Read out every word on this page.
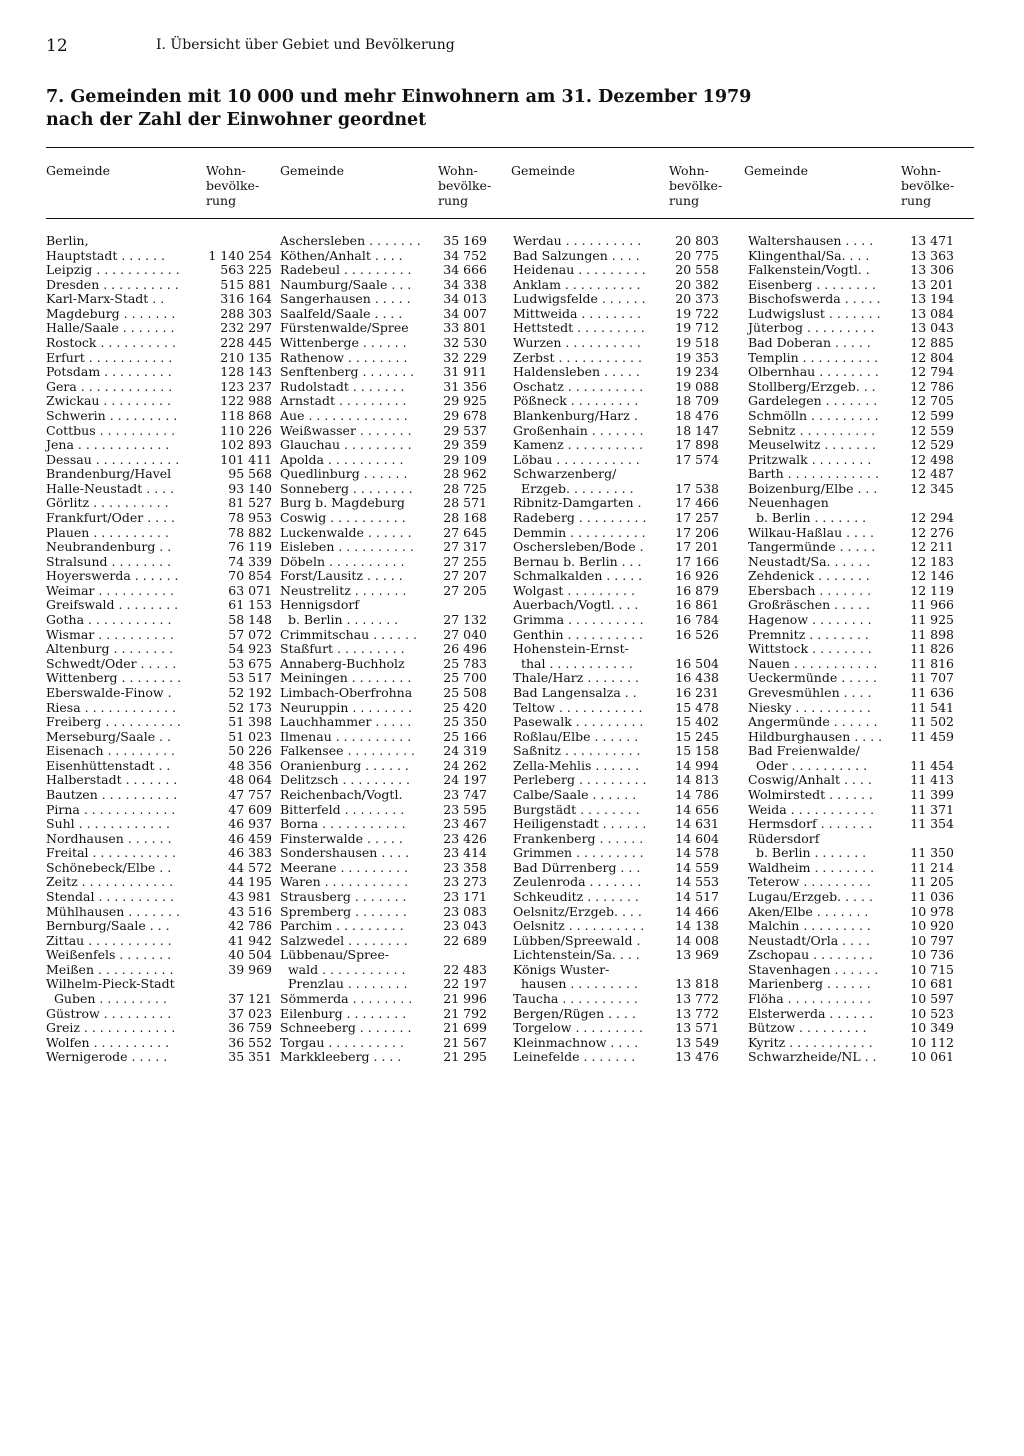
12	I. Übersicht über Gebiet und Bevölkerung
7. Gemeinden mit 10 000 und mehr Einwohnern am 31. Dezember 1979
nach der Zahl der Einwohner geordnet
Gemeinde	Wohn-
bevölke-
rung
Gemeinde	Wohn-
bevölke-
rung
Gemeinde	Wohn-
bevölke-
rung
Gemeinde	Wohn-
bevölke-
rung
Berlin,
Hauptstadt . . . . . .	1 140 254
Leipzig . . . . . . . . . . .	563 225
Dresden . . . . . . . . . .	515 881
Karl-Marx-Stadt . .	316 164
Magdeburg . . . . . . .	288 303
Halle/Saale . . . . . . .	232 297
Rostock . . . . . . . . . .	228 445
Erfurt . . . . . . . . . . .	210 135
Potsdam . . . . . . . . .	128 143
Gera . . . . . . . . . . . .	123 237
Zwickau . . . . . . . . .	122 988
Schwerin . . . . . . . . .	118 868
Cottbus . . . . . . . . . .	110 226
Jena . . . . . . . . . . . .	102 893
Dessau . . . . . . . . . . .	101 411
Brandenburg/Havel	95 568
Halle-Neustadt . . . .	93 140
Görlitz . . . . . . . . . .	81 527
Frankfurt/Oder . . . .	78 953
Plauen . . . . . . . . . .	78 882
Neubrandenburg . .	76 119
Stralsund . . . . . . . .	74 339
Hoyerswerda . . . . . .	70 854
Weimar . . . . . . . . . .	63 071
Greifswald . . . . . . . .	61 153
Gotha . . . . . . . . . . .	58 148
Wismar . . . . . . . . . .	57 072
Altenburg . . . . . . . .	54 923
Schwedt/Oder . . . . .	53 675
Wittenberg . . . . . . . .	53 517
Eberswalde-Finow .	52 192
Riesa . . . . . . . . . . . .	52 173
Freiberg . . . . . . . . . .	51 398
Merseburg/Saale . .	51 023
Eisenach . . . . . . . . .	50 226
Eisenhüttenstadt . .	48 356
Halberstadt . . . . . . .	48 064
Bautzen . . . . . . . . . .	47 757
Pirna . . . . . . . . . . . .	47 609
Suhl . . . . . . . . . . . .	46 937
Nordhausen . . . . . .	46 459
Freital . . . . . . . . . . .	46 383
Schönebeck/Elbe . .	44 572
Zeitz . . . . . . . . . . . .	44 195
Stendal . . . . . . . . . .	43 981
Mühlhausen . . . . . . .	43 516
Bernburg/Saale . . .	42 786
Zittau . . . . . . . . . . .	41 942
Weißenfels . . . . . . .	40 504
Meißen . . . . . . . . . .	39 969
Wilhelm-Pieck-Stadt
Guben . . . . . . . . .	37 121
Güstrow . . . . . . . . .	37 023
Greiz . . . . . . . . . . . .	36 759
Wolfen . . . . . . . . . .	36 552
Wernigerode . . . . .	35 351
Aschersleben . . . . . . . 35 169
Köthen/Anhalt . . . .	34 752
Radebeul . . . . . . . . .	34 666
Naumburg/Saale . . .	34 338
Sangerhausen . . . . .	34 013
Saalfeld/Saale . . . .	34 007
Fürstenwalde/Spree	33 801
Wittenberge . . . . . .	32 530
Rathenow . . . . . . . .	32 229
Senftenberg . . . . . . . 31 911
Rudolstadt . . . . . . .	31 356
Arnstadt . . . . . . . . .	29 925
Aue . . . . . . . . . . . . .	29 678
Weißwasser . . . . . . .	29 537
Glauchau . . . . . . . . .	29 359
Apolda . . . . . . . . . .	29 109
Quedlinburg . . . . . .	28 962
Sonneberg . . . . . . . . 28 725
Burg b. Magdeburg	28 571
Coswig . . . . . . . . . .	28 168
Luckenwalde . . . . . .	27 645
Eisleben . . . . . . . . . . 27 317
Döbeln . . . . . . . . . .	27 255
Forst/Lausitz . . . . .	27 207
Neustrelitz . . . . . . .	27 205
Hennigsdorf
b. Berlin . . . . . . .	27 132
Crimmitschau . . . . . . 27 040
Staßfurt . . . . . . . . .	26 496
Annaberg-Buchholz	25 783
Meiningen . . . . . . . .	25 700
Limbach-Oberfrohna 25 508
Neuruppin . . . . . . . . 25 420
Lauchhammer . . . . .	25 350
Ilmenau . . . . . . . . . .	25 166
Falkensee . . . . . . . . . 24 319
Oranienburg . . . . . .	24 262
Delitzsch . . . . . . . . .	24 197
Reichenbach/Vogtl.	23 747
Bitterfeld . . . . . . . .	23 595
Borna . . . . . . . . . . .	23 467
Finsterwalde . . . . .	23 426
Sondershausen . . . .	23 414
Meerane . . . . . . . . .	23 358
Waren . . . . . . . . . . .	23 273
Strausberg . . . . . . .	23 171
Spremberg . . . . . . .	23 083
Parchim . . . . . . . . .	23 043
Salzwedel . . . . . . . .	22 689
Lübbenau/Spree-
wald . . . . . . . . . . .	22 483
Prenzlau . . . . . . . .	22 197
Sömmerda . . . . . . . . 21 996
Eilenburg . . . . . . . .	21 792
Schneeberg . . . . . . .	21 699
Torgau . . . . . . . . . .	21 567
Markkleeberg . . . .	21 295
Werdau . . . . . . . . . .	20 803
Bad Salzungen . . . .	20 775
Heidenau . . . . . . . . . 20 558
Anklam . . . . . . . . . .	20 382
Ludwigsfelde . . . . . . 20 373
Mittweida . . . . . . . .	19 722
Hettstedt . . . . . . . . . 19 712
Wurzen . . . . . . . . . .	19 518
Zerbst . . . . . . . . . . .	19 353
Haldensleben . . . . .	19 234
Oschatz . . . . . . . . . .	19 088
Pößneck . . . . . . . . .	18 709
Blankenburg/Harz .	18 476
Großenhain . . . . . . .	18 147
Kamenz . . . . . . . . . .	17 898
Löbau . . . . . . . . . . .	17 574
Schwarzenberg/
Erzgeb. . . . . . . . .	17 538
Ribnitz-Damgarten .	17 466
Radeberg . . . . . . . . . 17 257
Demmin . . . . . . . . . . 17 206
Oschersleben/Bode .	17 201
Bernau b. Berlin . . .	17 166
Schmalkalden . . . . .	16 926
Wolgast . . . . . . . . .	16 879
Auerbach/Vogtl. . . .	16 861
Grimma . . . . . . . . . .	16 784
Genthin . . . . . . . . . .	16 526
Hohenstein-Ernst-
thal . . . . . . . . . . .	16 504
Thale/Harz . . . . . . .	16 438
Bad Langensalza . .	16 231
Teltow . . . . . . . . . . .	15 478
Pasewalk . . . . . . . . .	15 402
Roßlau/Elbe . . . . . .	15 245
Saßnitz . . . . . . . . . .	15 158
Zella-Mehlis . . . . . .	14 994
Perleberg . . . . . . . . . 14 813
Calbe/Saale . . . . . .	14 786
Burgstädt . . . . . . . .	14 656
Heiligenstadt . . . . . . 14 631
Frankenberg . . . . . .	14 604
Grimmen . . . . . . . . .	14 578
Bad Dürrenberg . . .	14 559
Zeulenroda . . . . . . .	14 553
Schkeuditz . . . . . . .	14 517
Oelsnitz/Erzgeb. . . .	14 466
Oelsnitz . . . . . . . . . . 14 138
Lübben/Spreewald .	14 008
Lichtenstein/Sa. . . .	13 969
Königs Wuster-
hausen . . . . . . . . .	13 818
Taucha . . . . . . . . . .	13 772
Bergen/Rügen . . . .	13 772
Torgelow . . . . . . . . .	13 571
Kleinmachnow . . . .	13 549
Leinefelde . . . . . . .	13 476
Waltershausen . . . .	13 471
Klingenthal/Sa. . . .	13 363
Falkenstein/Vogtl. .	13 306
Eisenberg . . . . . . . .	13 201
Bischofswerda . . . . . 13 194
Ludwigslust . . . . . . . 13 084
Jüterbog . . . . . . . . .	13 043
Bad Doberan . . . . .	12 885
Templin . . . . . . . . . .	12 804
Olbernhau . . . . . . . .	12 794
Stollberg/Erzgeb. . .	12 786
Gardelegen . . . . . . .	12 705
Schmölln . . . . . . . . .	12 599
Sebnitz . . . . . . . . . .	12 559
Meuselwitz . . . . . . .	12 529
Pritzwalk . . . . . . . .	12 498
Barth . . . . . . . . . . . . 12 487
Boizenburg/Elbe . . .	12 345
Neuenhagen
b. Berlin . . . . . . .	12 294
Wilkau-Haßlau . . . .	12 276
Tangermünde . . . . .	12 211
Neustadt/Sa. . . . . .	12 183
Zehdenick . . . . . . .	12 146
Ebersbach . . . . . . .	12 119
Großräschen . . . . .	11 966
Hagenow . . . . . . . .	11 925
Premnitz . . . . . . . .	11 898
Wittstock . . . . . . . .	11 826
Nauen . . . . . . . . . . .	11 816
Ueckermünde . . . . .	11 707
Grevesmühlen . . . .	11 636
Niesky . . . . . . . . . .	11 541
Angermünde . . . . . .	11 502
Hildburghausen . . . . 11 459
Bad Freienwalde/
Oder . . . . . . . . . .	11 454
Coswig/Anhalt . . . .	11 413
Wolmirstedt . . . . . .	11 399
Weida . . . . . . . . . . .	11 371
Hermsdorf . . . . . . .	11 354
Rüdersdorf
b. Berlin . . . . . . .	11 350
Waldheim . . . . . . . .	11 214
Teterow . . . . . . . . .	11 205
Lugau/Erzgeb. . . . .	11 036
Aken/Elbe . . . . . . .	10 978
Malchin . . . . . . . . .	10 920
Neustadt/Orla . . . .	10 797
Zschopau . . . . . . . .	10 736
Stavenhagen . . . . . .	10 715
Marienberg . . . . . .	10 681
Flöha . . . . . . . . . . .	10 597
Elsterwerda . . . . . .	10 523
Bützow . . . . . . . . .	10 349
Kyritz . . . . . . . . . . .	10 112
Schwarzheide/NL . .	10 061
